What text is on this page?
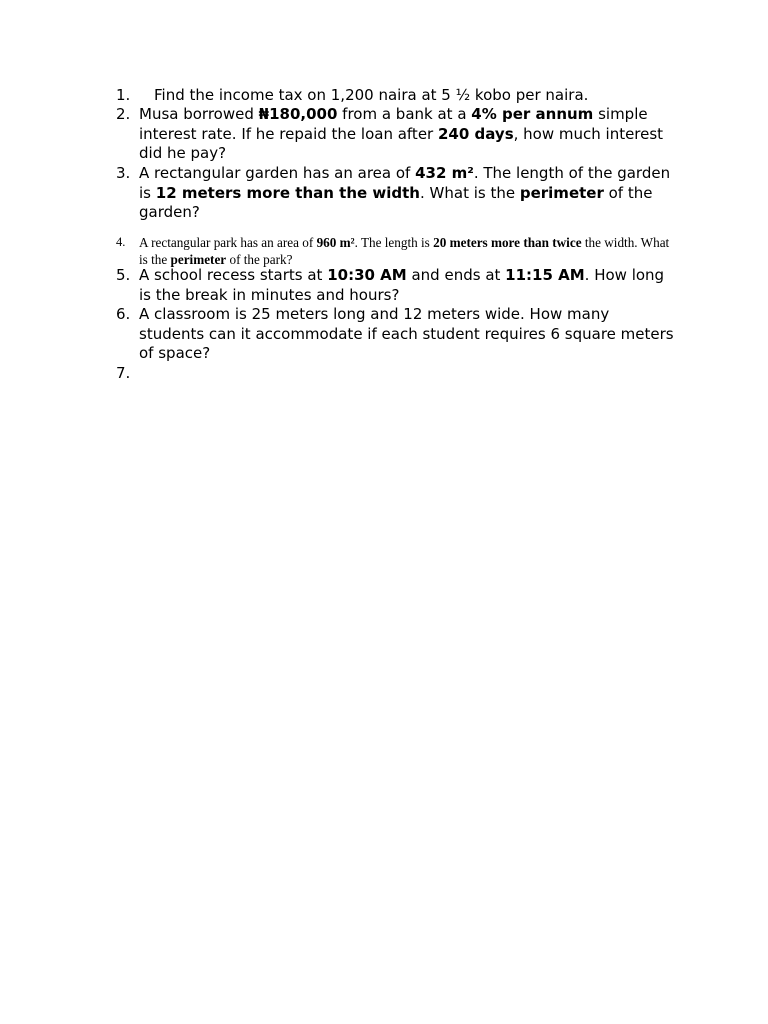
1. Find the income tax on 1,200 naira at 5 ½ kobo per naira.
2. Musa borrowed ₦180,000 from a bank at a 4% per annum simple interest rate. If he repaid the loan after 240 days, how much interest did he pay?
3. A rectangular garden has an area of 432 m². The length of the garden is 12 meters more than the width. What is the perimeter of the garden?
4. A rectangular park has an area of 960 m². The length is 20 meters more than twice the width. What is the perimeter of the park?
5. A school recess starts at 10:30 AM and ends at 11:15 AM. How long is the break in minutes and hours?
6. A classroom is 25 meters long and 12 meters wide. How many students can it accommodate if each student requires 6 square meters of space?
7.
